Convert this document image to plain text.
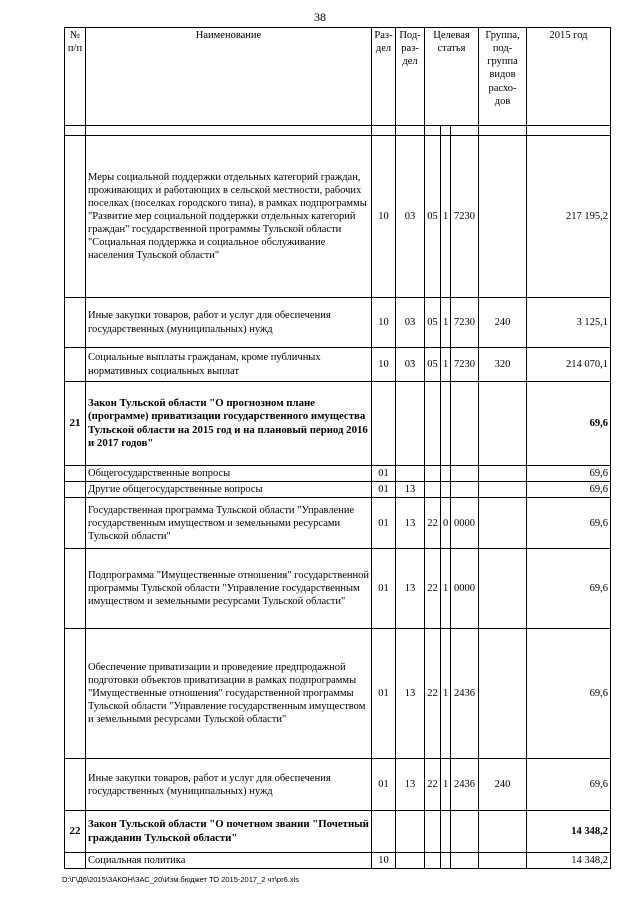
38
№ п/п	Наименование	Раз-дел	Под-раз-дел	Целевая статья			Группа, под-группа видов расхо-дов	2015 год

	Меры социальной поддержки отдельных категорий граждан, проживающих и работающих в сельской местности, рабочих поселках (поселках городского типа), в рамках подпрограммы "Развитие мер социальной поддержки отдельных категорий граждан" государственной программы Тульской области "Социальная поддержка и социальное обслуживание населения Тульской области"	10	03	05	1	7230		217 195,2
	Иные закупки товаров, работ и услуг для обеспечения государственных (муниципальных) нужд	10	03	05	1	7230	240	3 125,1
	Социальные выплаты гражданам, кроме публичных нормативных социальных выплат	10	03	05	1	7230	320	214 070,1
21	Закон Тульской области "О прогнозном плане (программе) приватизации государственного имущества Тульской области на 2015 год и на плановый период 2016 и 2017 годов"							69,6
	Общегосударственные вопросы	01						69,6
	Другие общегосударственные вопросы	01	13					69,6
	Государственная программа Тульской области "Управление государственным имуществом и земельными ресурсами Тульской области"	01	13	22	0	0000		69,6
	Подпрограмма "Имущественные отношения" государственной программы Тульской области "Управление государственным имуществом и земельными ресурсами Тульской области"	01	13	22	1	0000		69,6
	Обеспечение приватизации и проведение предпродажной подготовки объектов приватизации в рамках подпрограммы "Имущественные отношения" государственной программы Тульской области "Управление государственным имуществом и земельными ресурсами Тульской области"	01	13	22	1	2436		69,6
	Иные закупки товаров, работ и услуг для обеспечения государственных (муниципальных) нужд	01	13	22	1	2436	240	69,6
22	Закон Тульской области "О почетном звании "Почетный гражданин Тульской области"							14 348,2
	Социальная политика	10						14 348,2
D:\Г\Д6\2015\ЗАКОН\ЗАС_20\Изм.бюджет ТО 2015-2017_2 чт\pr6.xls
